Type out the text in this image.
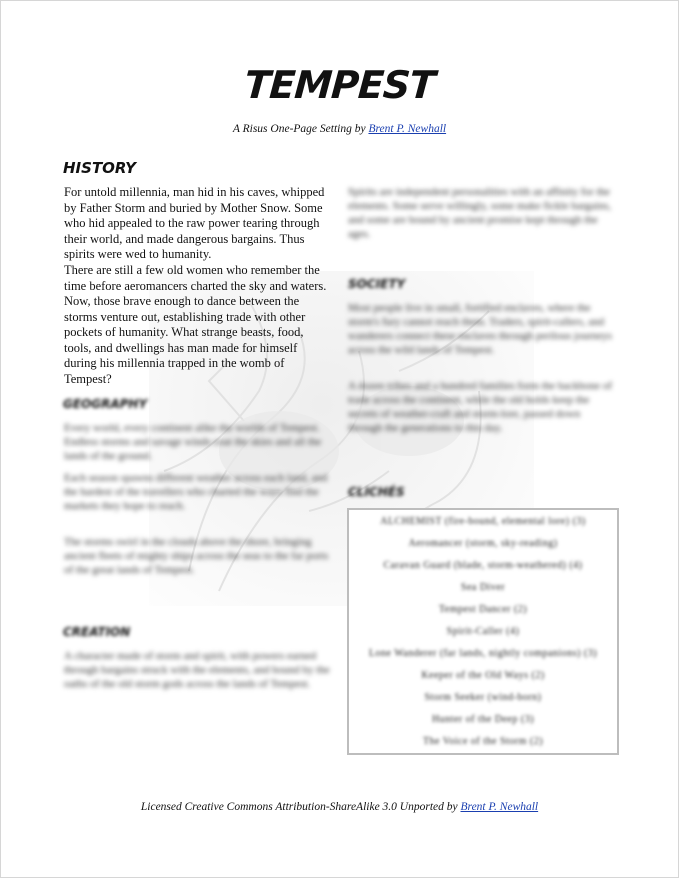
TEMPEST
A Risus One-Page Setting by Brent P. Newhall
HISTORY

For untold millennia, man hid in his caves, whipped by Father Storm and buried by Mother Snow. Some who hid appealed to the raw power tearing through their world, and made dangerous bargains. Thus spirits were wed to humanity.

There are still a few old women who remember the time before aeromancers charted the sky and waters. Now, those brave enough to dance between the storms venture out, establishing trade with other pockets of humanity. What strange beasts, food, tools, and dwellings has man made for himself during his millennia trapped in the womb of Tempest?

GEOGRAPHY

Every world, every continent alike the worlds of Tempest. Endless storms and savage winds coat the skies and all the lands of the ground.

Each season spawns different weather across each land, and the hardest of the travellers who charted the ways find the markets they hope to reach.

The storms swirl in the clouds above the shore, bringing ancient fleets of mighty ships across the seas to the far ports of the great lands of Tempest.

CREATION

A character made of storm and spirit, with powers earned through bargains struck with the elements, and bound by the oaths of the old storm gods across the lands of Tempest.

Spirits are independent personalities with an affinity for the elements. Some serve willingly, some make fickle bargains, and some are bound by ancient promise kept through the ages.

SOCIETY

Most people live in small, fortified enclaves, where the storm's fury cannot reach them. Traders, spirit-callers, and wanderers connect these enclaves through perilous journeys across the wild lands of Tempest.

A dozen tribes and a hundred families form the backbone of trade across the continent, while the old holds keep the secrets of weather-craft and storm-lore, passed down through the generations to this day.

CLICHÉS
ALCHEMIST (fire-bound, elemental lore) (3)
Aeromancer (storm, sky-reading)
Caravan Guard (blade, storm-weathered) (4)
Sea Diver
Tempest Dancer (2)
Spirit-Caller (4)
Lone Wanderer (far lands, nightly companions) (3)
Keeper of the Old Ways (2)
Storm Seeker (wind-born)
Hunter of the Deep (3)
The Voice of the Storm (2)
Licensed Creative Commons Attribution-ShareAlike 3.0 Unported by Brent P. Newhall
